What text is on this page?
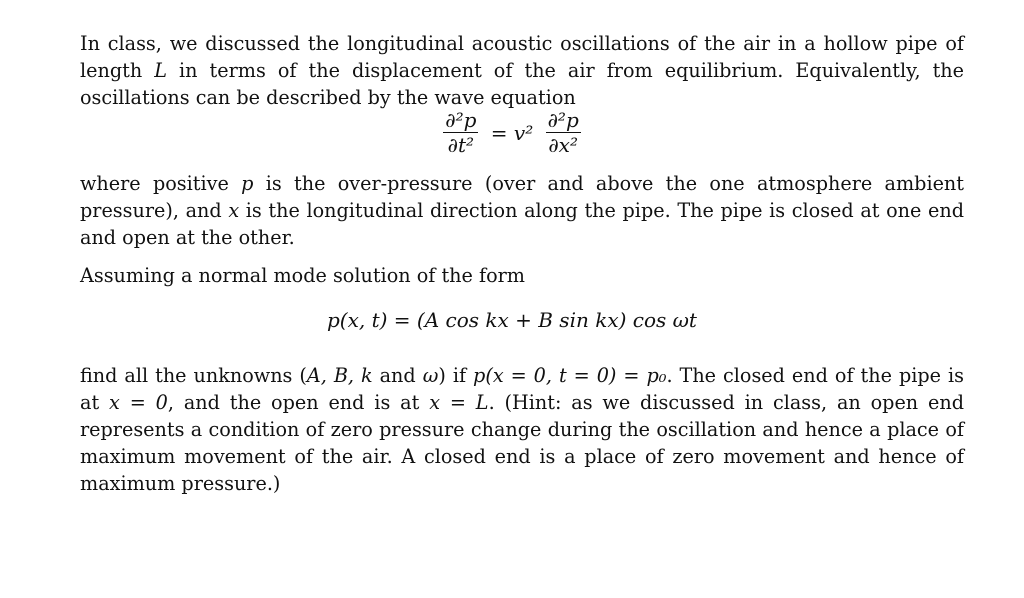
In class, we discussed the longitudinal acoustic oscillations of the air in a hollow pipe of length L in terms of the displacement of the air from equilibrium. Equivalently, the oscillations can be described by the wave equation

$\frac{\text{∂²p}}{\text{∂t²}} = v^2 \frac{\text{∂²p}}{\text{∂x²}}$

where positive p is the over-pressure (over and above the one atmosphere ambient pressure), and x is the longitudinal direction along the pipe. The pipe is closed at one end and open at the other.

Assuming a normal mode solution of the form

p(x, t) = (A cos kx + B sin kx) cos ωt

find all the unknowns (A, B, k and ω) if p(x = 0, t = 0) = p₀. The closed end of the pipe is at x = 0, and the open end is at x = L. (Hint: as we discussed in class, an open end represents a condition of zero pressure change during the oscillation and hence a place of maximum movement of the air. A closed end is a place of zero movement and hence of maximum pressure.)
